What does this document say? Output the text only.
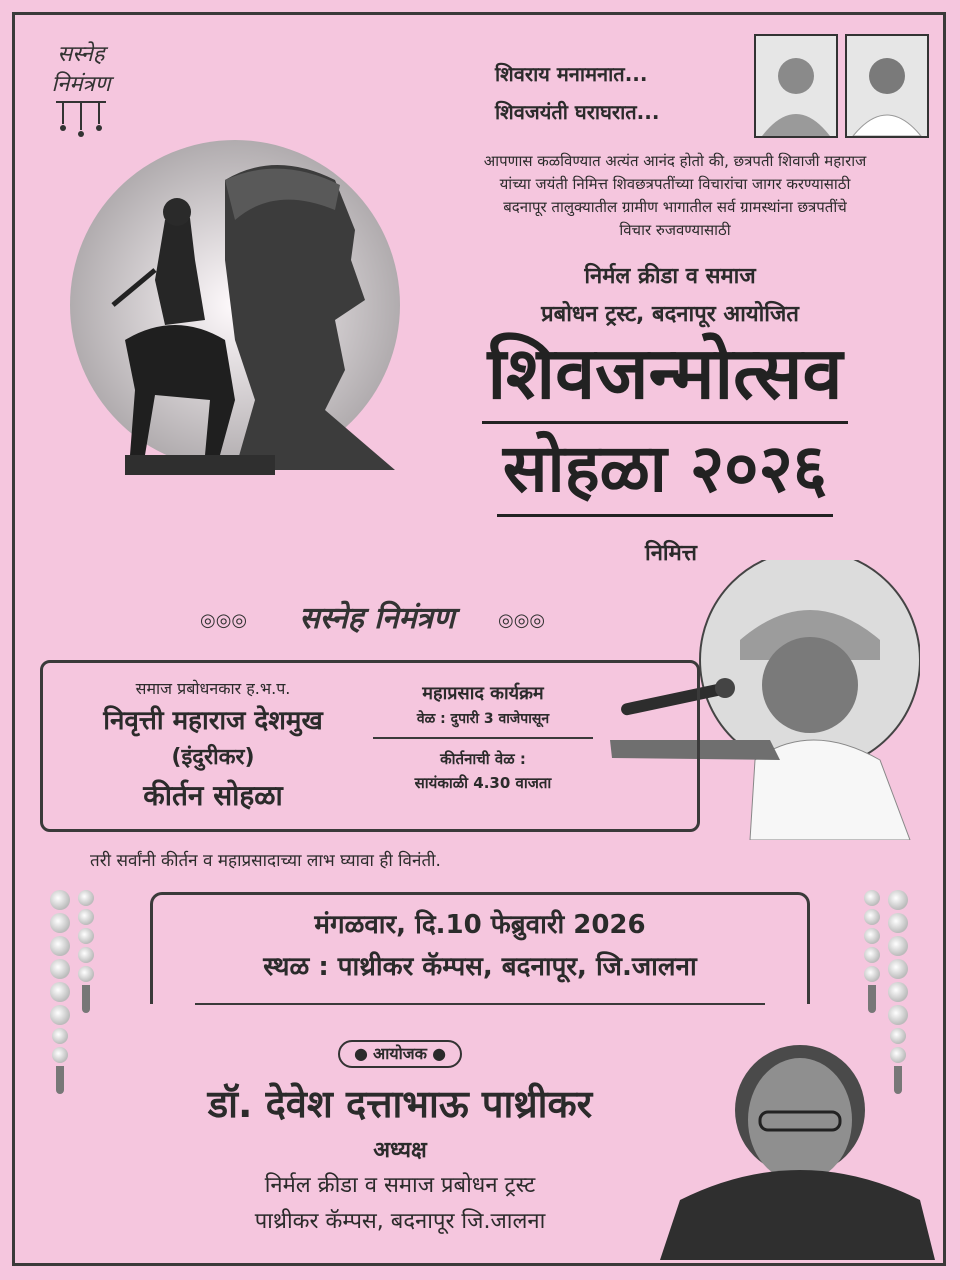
सस्नेह
निमंत्रण	शिवराय मनामनात...
शिवजयंती घराघरात...
आपणास कळविण्यात अत्यंत आनंद होतो की, छत्रपती शिवाजी महाराज
यांच्या जयंती निमित्त शिवछत्रपतींच्या विचारांचा जागर करण्यासाठी
बदनापूर तालुक्यातील ग्रामीण भागातील सर्व ग्रामस्थांना छत्रपतींचे
विचार रुजवण्यासाठी
निर्मल क्रीडा व समाज
प्रबोधन ट्रस्ट, बदनापूर आयोजित
शिवजन्मोत्सव सोहळा २०२६
निमित्त
◎◎◎	सस्नेह निमंत्रण	◎◎◎
समाज प्रबोधनकार ह.भ.प.
निवृत्ती महाराज देशमुख
(इंदुरीकर)
कीर्तन सोहळा
महाप्रसाद कार्यक्रम
वेळ : दुपारी 3 वाजेपासून
कीर्तनाची वेळ :
सायंकाळी 4.30 वाजता
तरी सर्वांनी कीर्तन व महाप्रसादाच्या लाभ घ्यावा ही विनंती.
मंगळवार, दि.10 फेब्रुवारी 2026
स्थळ : पाथ्रीकर कॅम्पस, बदनापूर, जि.जालना
● आयोजक ●
डॉ. देवेश दत्ताभाऊ पाथ्रीकर
अध्यक्ष
निर्मल क्रीडा व समाज प्रबोधन ट्रस्ट
पाथ्रीकर कॅम्पस, बदनापूर जि.जालना
